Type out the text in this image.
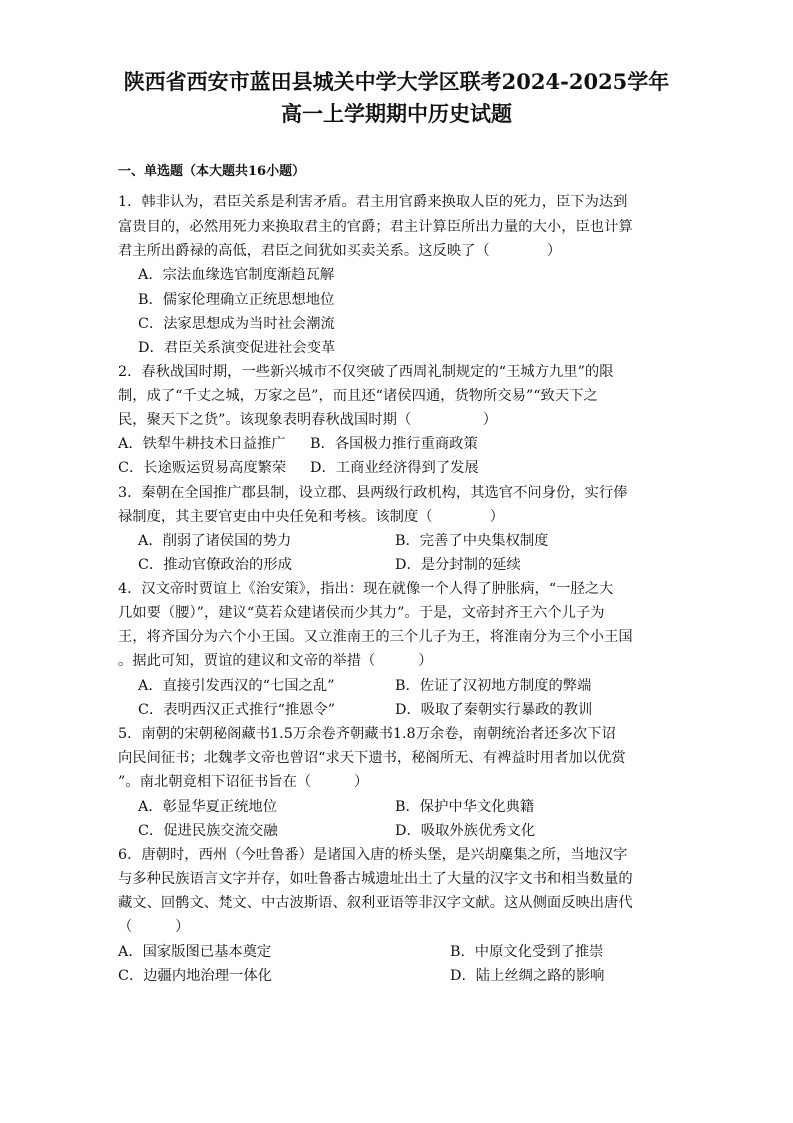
陕西省西安市蓝田县城关中学大学区联考2024-2025学年
高一上学期期中历史试题
一、单选题（本大题共16小题）
1．韩非认为，君臣关系是利害矛盾。君主用官爵来换取人臣的死力，臣下为达到
富贵目的，必然用死力来换取君主的官爵；君主计算臣所出力量的大小，臣也计算
君主所出爵禄的高低，君臣之间犹如买卖关系。这反映了（　　　　）
A．宗法血缘选官制度渐趋瓦解
B．儒家伦理确立正统思想地位
C．法家思想成为当时社会潮流
D．君臣关系演变促进社会变革
2．春秋战国时期，一些新兴城市不仅突破了西周礼制规定的“王城方九里”的限
制，成了“千丈之城，万家之邑”，而且还“诸侯四通，货物所交易”“致天下之
民，聚天下之货”。该现象表明春秋战国时期（　　　　　）
A．铁犁牛耕技术日益推广 B．各国极力推行重商政策
C．长途贩运贸易高度繁荣 D．工商业经济得到了发展
3．秦朝在全国推广郡县制，设立郡、县两级行政机构，其选官不问身份，实行俸
禄制度，其主要官吏由中央任免和考核。该制度（　　　　）
A．削弱了诸侯国的势力	B．完善了中央集权制度
C．推动官僚政治的形成	D．是分封制的延续
4．汉文帝时贾谊上《治安策》，指出：现在就像一个人得了肿胀病，“一胫之大
几如要（腰）”，建议“莫若众建诸侯而少其力”。于是，文帝封齐王六个儿子为
王，将齐国分为六个小王国。又立淮南王的三个儿子为王，将淮南分为三个小王国
。据此可知，贾谊的建议和文帝的举措（　　　）
A．直接引发西汉的“七国之乱”	B．佐证了汉初地方制度的弊端
C．表明西汉正式推行“推恩令”	D．吸取了秦朝实行暴政的教训
5．南朝的宋朝秘阁藏书1.5万余卷齐朝藏书1.8万余卷，南朝统治者还多次下诏
向民间征书；北魏孝文帝也曾诏“求天下遗书，秘阁所无、有裨益时用者加以优赏
”。南北朝竟相下诏征书旨在（　　　）
A．彰显华夏正统地位	B．保护中华文化典籍
C．促进民族交流交融	D．吸取外族优秀文化
6．唐朝时，西州（今吐鲁番）是诸国入唐的桥头堡，是兴胡麋集之所，当地汉字
与多种民族语言文字并存，如吐鲁番古城遗址出土了大量的汉字文书和相当数量的
藏文、回鹘文、梵文、中古波斯语、叙利亚语等非汉字文献。这从侧面反映出唐代
（　　　）
A．国家版图已基本奠定	B．中原文化受到了推崇
C．边疆内地治理一体化	D．陆上丝绸之路的影响
